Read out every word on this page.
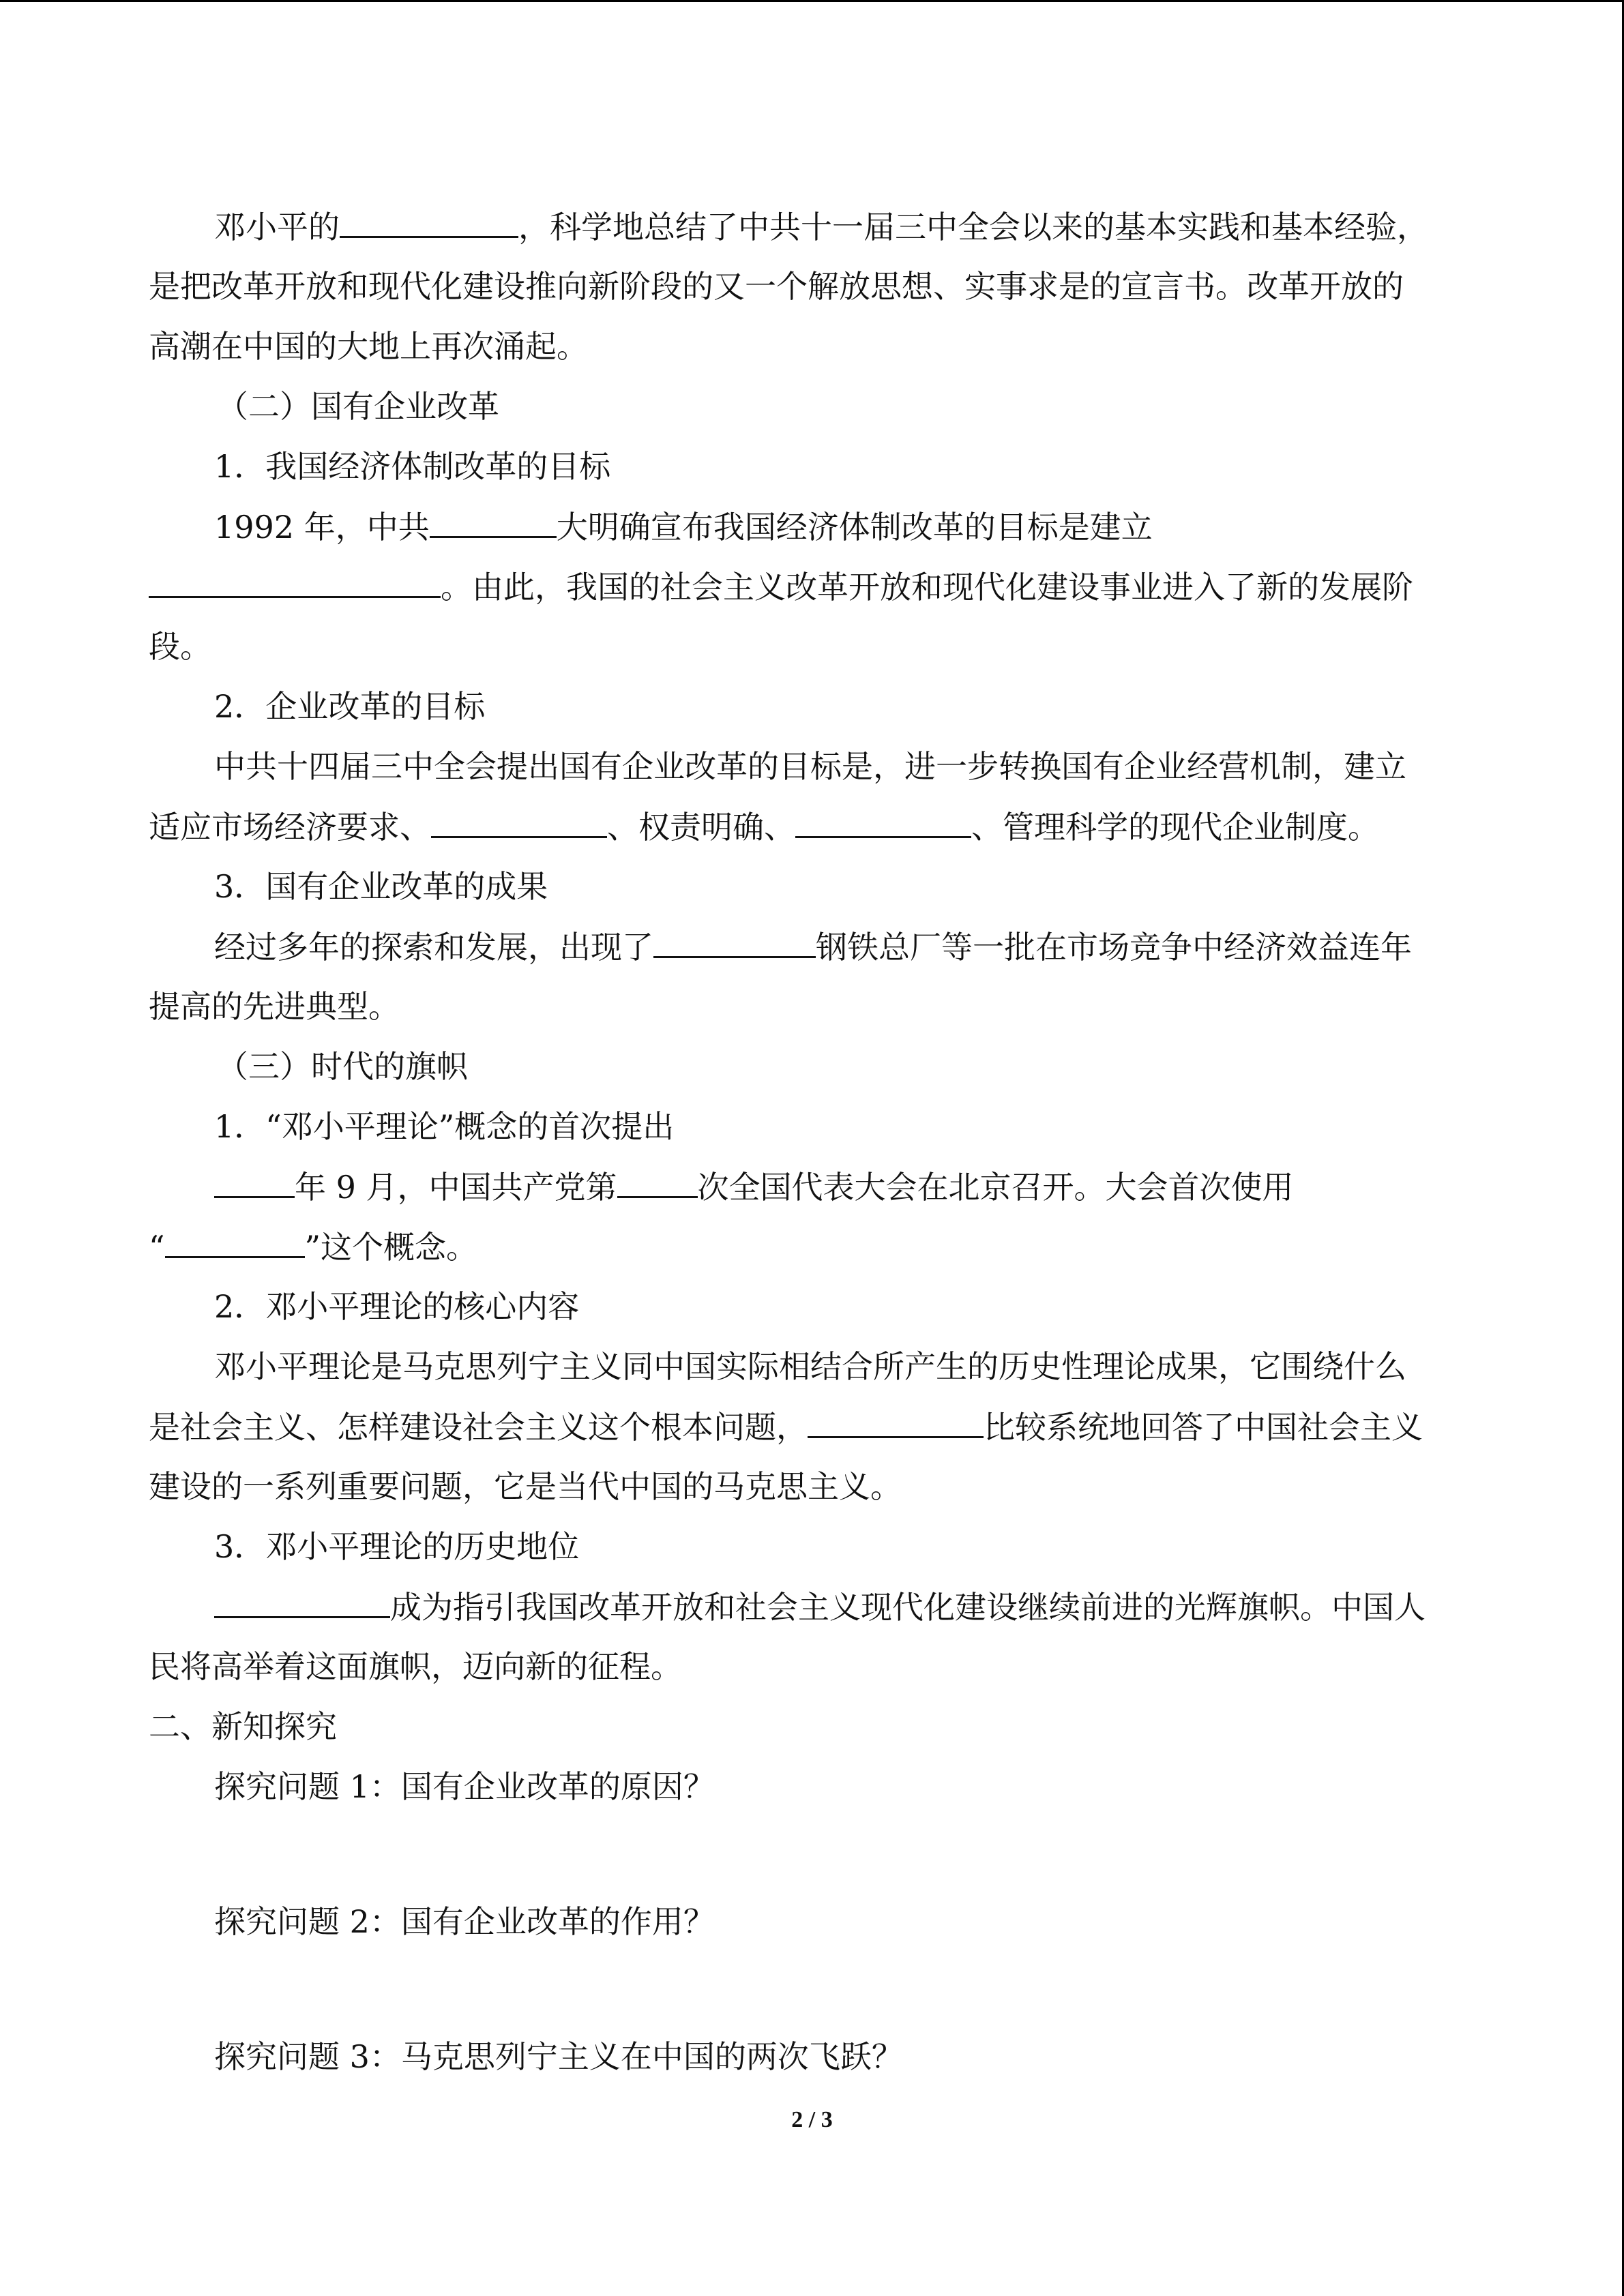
邓小平的	，科学地总结了中共十一届三中全会以来的基本实践和基本经验，
是把改革开放和现代化建设推向新阶段的又一个解放思想、实事求是的宣言书。改革开放的
高潮在中国的大地上再次涌起。
（二）国有企业改革
1．我国经济体制改革的目标
1992 年，中共	大明确宣布我国经济体制改革的目标是建立
。由此，我国的社会主义改革开放和现代化建设事业进入了新的发展阶
段。
2．企业改革的目标
中共十四届三中全会提出国有企业改革的目标是，进一步转换国有企业经营机制，建立
适应市场经济要求、	、权责明确、	、管理科学的现代企业制度。
3．国有企业改革的成果
经过多年的探索和发展，出现了	钢铁总厂等一批在市场竞争中经济效益连年
提高的先进典型。
（三）时代的旗帜
1．“邓小平理论”概念的首次提出
年 9 月，中国共产党第	次全国代表大会在北京召开。大会首次使用
“	”这个概念。
2．邓小平理论的核心内容
邓小平理论是马克思列宁主义同中国实际相结合所产生的历史性理论成果，它围绕什么
是社会主义、怎样建设社会主义这个根本问题，	比较系统地回答了中国社会主义
建设的一系列重要问题，它是当代中国的马克思主义。
3．邓小平理论的历史地位
成为指引我国改革开放和社会主义现代化建设继续前进的光辉旗帜。中国人
民将高举着这面旗帜，迈向新的征程。
二、新知探究
探究问题 1：国有企业改革的原因？
探究问题 2：国有企业改革的作用？
探究问题 3：马克思列宁主义在中国的两次飞跃？
2 / 3
